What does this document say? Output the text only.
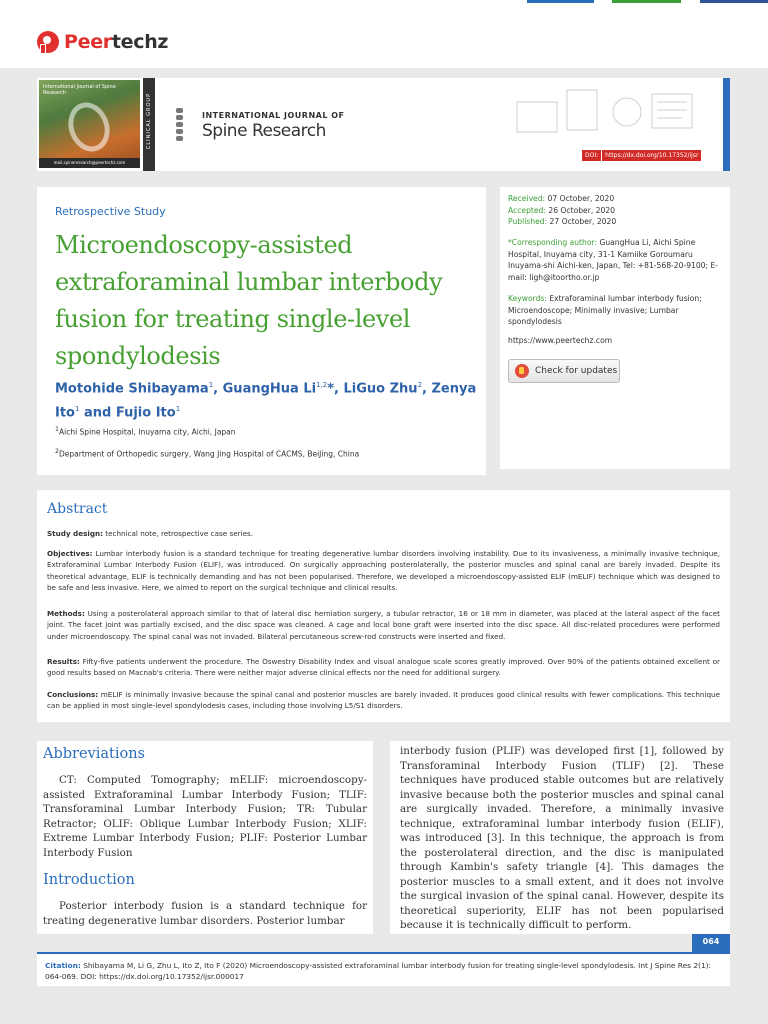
Peer techz
International Journal of Spine Research
mail.spineresearch@peertechz.com
CLINICAL GROUP	INTERNATIONAL JOURNAL OF
Spine Research
DOI:	https://dx.doi.org/10.17352/ijsr
Retrospective Study
Microendoscopy-assisted extraforaminal lumbar interbody fusion for treating single-level spondylodesis
Motohide Shibayama$^1$, GuangHua Li$^{1,2}$*, LiGuo Zhu$^2$, Zenya Ito$^1$ and Fujio Ito$^1$
$^1$Aichi Spine Hospital, Inuyama city, Aichi, Japan
$^2$Department of Orthopedic surgery, Wang Jing Hospital of CACMS, BeiJing, China
Received: 07 October, 2020
Accepted: 26 October, 2020
Published: 27 October, 2020
*Corresponding author: GuangHua Li, Aichi Spine Hospital, Inuyama city, 31-1 Kamiike Goroumaru Inuyama-shi Aichi-ken, Japan, Tel: +81-568-20-9100; E-mail: ligh@itoortho.or.jp
Keywords: Extraforaminal lumbar interbody fusion; Microendoscope; Minimally invasive; Lumbar spondylodesis
https://www.peertechz.com
Check for updates
Abstract
Study design: technical note, retrospective case series.
Objectives: Lumbar interbody fusion is a standard technique for treating degenerative lumbar disorders involving instability. Due to its invasiveness, a minimally invasive technique, Extraforaminal Lumbar Interbody Fusion (ELIF), was introduced. On surgically approaching posterolaterally, the posterior muscles and spinal canal are barely invaded. Despite its theoretical advantage, ELIF is technically demanding and has not been popularised. Therefore, we developed a microendoscopy-assisted ELIF (mELIF) technique which was designed to be safe and less invasive. Here, we aimed to report on the surgical technique and clinical results.
Methods: Using a posterolateral approach similar to that of lateral disc herniation surgery, a tubular retractor, 16 or 18 mm in diameter, was placed at the lateral aspect of the facet joint. The facet joint was partially excised, and the disc space was cleaned. A cage and local bone graft were inserted into the disc space. All disc-related procedures were performed under microendoscopy. The spinal canal was not invaded. Bilateral percutaneous screw-rod constructs were inserted and fixed.
Results: Fifty-five patients underwent the procedure. The Oswestry Disability Index and visual analogue scale scores greatly improved. Over 90% of the patients obtained excellent or good results based on Macnab's criteria. There were neither major adverse clinical effects nor the need for additional surgery.
Conclusions: mELIF is minimally invasive because the spinal canal and posterior muscles are barely invaded. It produces good clinical results with fewer complications. This technique can be applied in most single-level spondylodesis cases, including those involving L5/S1 disorders.
Abbreviations
CT: Computed Tomography; mELIF: microendoscopy-assisted Extraforaminal Lumbar Interbody Fusion; TLIF: Transforaminal Lumbar Interbody Fusion; TR: Tubular Retractor; OLIF: Oblique Lumbar Interbody Fusion; XLIF: Extreme Lumbar Interbody Fusion; PLIF: Posterior Lumbar Interbody Fusion
Introduction
Posterior interbody fusion is a standard technique for treating degenerative lumbar disorders. Posterior lumbar
interbody fusion (PLIF) was developed first [1], followed by Transforaminal Interbody Fusion (TLIF) [2]. These techniques have produced stable outcomes but are relatively invasive because both the posterior muscles and spinal canal are surgically invaded. Therefore, a minimally invasive technique, extraforaminal lumbar interbody fusion (ELIF), was introduced [3]. In this technique, the approach is from the posterolateral direction, and the disc is manipulated through Kambin's safety triangle [4]. This damages the posterior muscles to a small extent, and it does not involve the surgical invasion of the spinal canal. However, despite its theoretical superiority, ELIF has not been popularised because it is technically difficult to perform.
064
Citation: Shibayama M, Li G, Zhu L, Ito Z, Ito F (2020) Microendoscopy-assisted extraforaminal lumbar interbody fusion for treating single-level spondylodesis. Int J Spine Res 2(1): 064-069. DOI: https://dx.doi.org/10.17352/ijsr.000017
